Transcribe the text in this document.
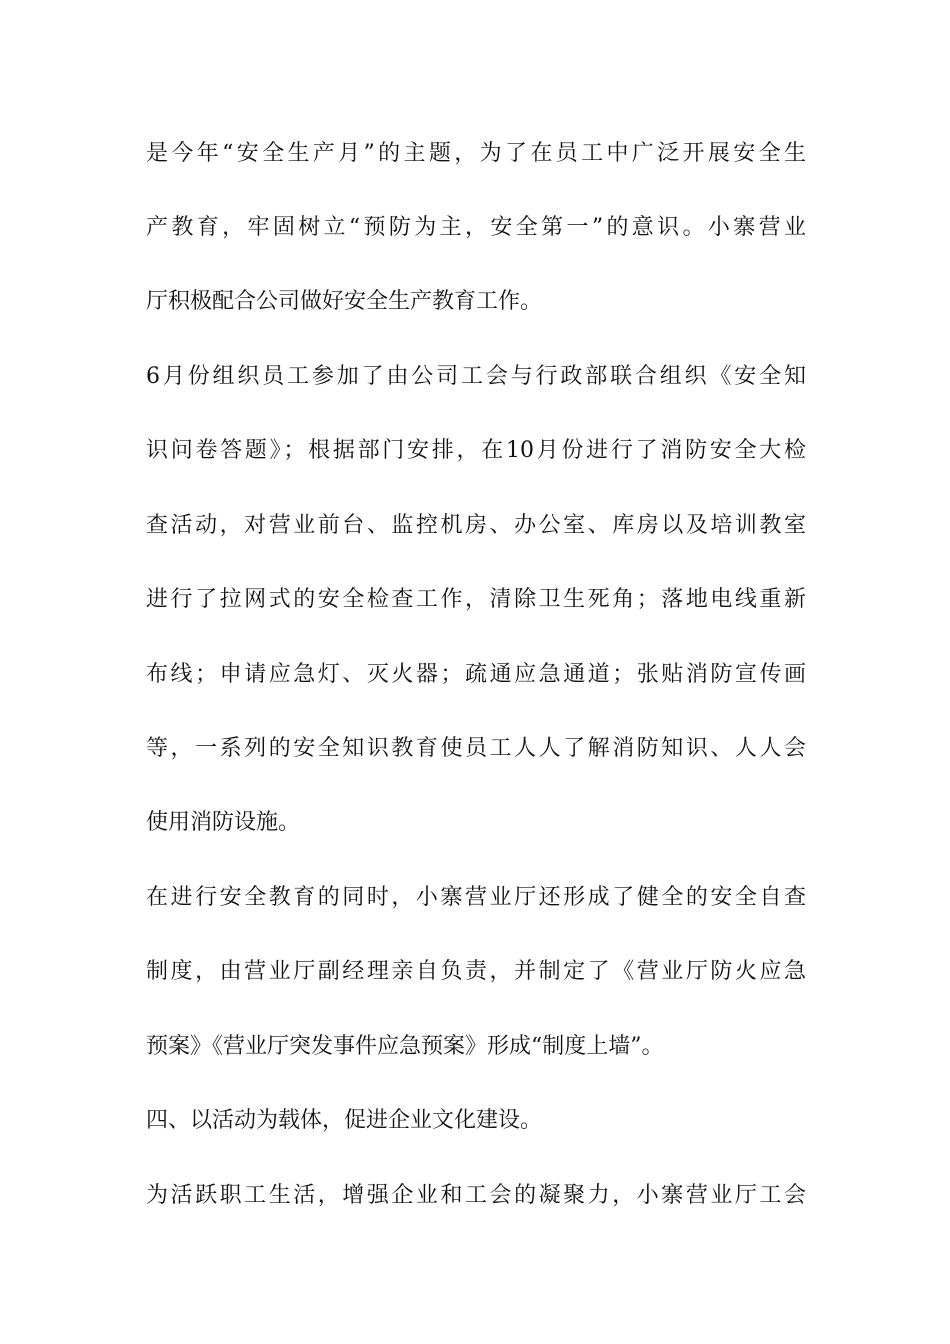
是今年“安全生产月”的主题，为了在员工中广泛开展安全生
产教育，牢固树立“预防为主，安全第一”的意识。小寨营业
厅积极配合公司做好安全生产教育工作。
6月份组织员工参加了由公司工会与行政部联合组织《安全知
识问卷答题》；根据部门安排，在10月份进行了消防安全大检
查活动，对营业前台、监控机房、办公室、库房以及培训教室
进行了拉网式的安全检查工作，清除卫生死角；落地电线重新
布线；申请应急灯、灭火器；疏通应急通道；张贴消防宣传画
等，一系列的安全知识教育使员工人人了解消防知识、人人会
使用消防设施。
在进行安全教育的同时，小寨营业厅还形成了健全的安全自查
制度，由营业厅副经理亲自负责，并制定了《营业厅防火应急
预案》《营业厅突发事件应急预案》形成“制度上墙”。
四、以活动为载体，促进企业文化建设。
为活跃职工生活，增强企业和工会的凝聚力，小寨营业厅工会
